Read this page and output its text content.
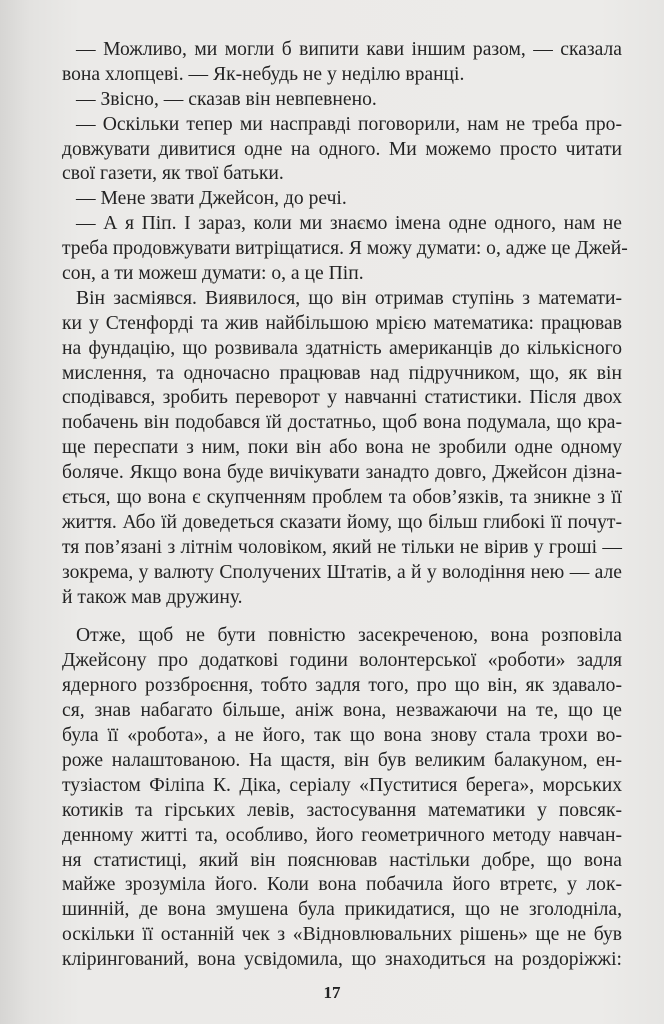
— Можливо, ми могли б випити кави іншим разом, — сказала
вона хлопцеві. — Як-небудь не у неділю вранці.
— Звісно, — сказав він невпевнено.
— Оскільки тепер ми насправді поговорили, нам не треба про-
довжувати дивитися одне на одного. Ми можемо просто читати
свої газети, як твої батьки.
— Мене звати Джейсон, до речі.
— А я Піп. І зараз, коли ми знаємо імена одне одного, нам не
треба продовжувати витріщатися. Я можу думати: о, адже це Джей-
сон, а ти можеш думати: о, а це Піп.
Він засміявся. Виявилося, що він отримав ступінь з математи-
ки у Стенфорді та жив найбільшою мрією математика: працював
на фундацію, що розвивала здатність американців до кількісного
мислення, та одночасно працював над підручником, що, як він
сподівався, зробить переворот у навчанні статистики. Після двох
побачень він подобався їй достатньо, щоб вона подумала, що кра-
ще переспати з ним, поки він або вона не зробили одне одному
боляче. Якщо вона буде вичікувати занадто довго, Джейсон дізна-
ється, що вона є скупченням проблем та обов’язків, та зникне з її
життя. Або їй доведеться сказати йому, що більш глибокі її почут-
тя пов’язані з літнім чоловіком, який не тільки не вірив у гроші —
зокрема, у валюту Сполучених Штатів, а й у володіння нею — але
й також мав дружину.
Отже, щоб не бути повністю засекреченою, вона розповіла
Джейсону про додаткові години волонтерської «роботи» задля
ядерного роззброєння, тобто задля того, про що він, як здавало-
ся, знав набагато більше, аніж вона, незважаючи на те, що це
була її «робота», а не його, так що вона знову стала трохи во-
роже налаштованою. На щастя, він був великим балакуном, ен-
тузіастом Філіпа К. Діка, серіалу «Пуститися берега», морських
котиків та гірських левів, застосування математики у повсяк-
денному житті та, особливо, його геометричного методу навчан-
ня статистиці, який він пояснював настільки добре, що вона
майже зрозуміла його. Коли вона побачила його втретє, у лок-
шинній, де вона змушена була прикидатися, що не зголодніла,
оскільки її останній чек з «Відновлювальних рішень» ще не був
клірингований, вона усвідомила, що знаходиться на роздоріжжі:
17
